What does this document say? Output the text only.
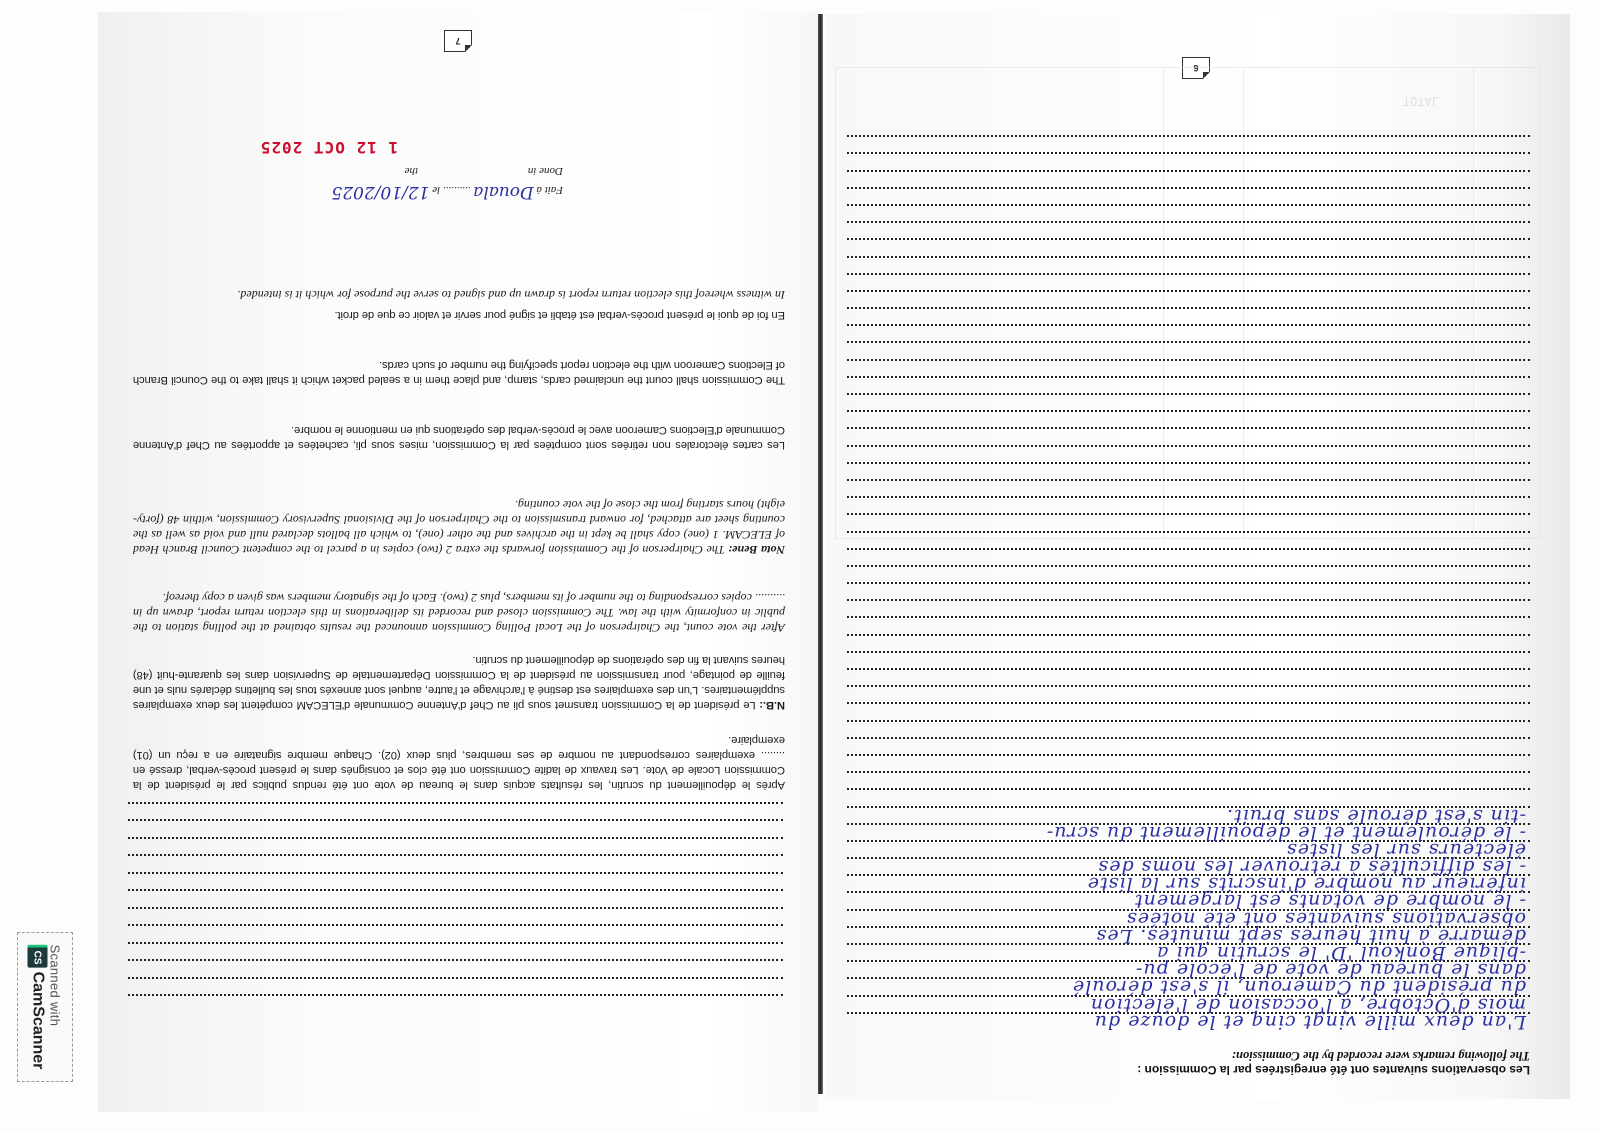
7
Après le dépouillement du scrutin, les résultats acquis dans le bureau de vote ont été rendus publics par le président de la Commission Locale de Vote. Les travaux de ladite Commission ont été clos et consignés dans le présent procès-verbal, dressé en ........ exemplaires correspondant au nombre de ses membres, plus deux (02). Chaque membre signataire en a reçu un (01) exemplaire.
N.B.: Le président de la Commission transmet sous pli au Chef d'Antenne Communale d'ELECAM compétent les deux exemplaires supplémentaires. L'un des exemplaires est destiné à l'archivage et l'autre, auquel sont annexés tous les bulletins déclarés nuls et une feuille de pointage, pour transmission au président de la Commission Départementale de Supervision dans les quarante-huit (48) heures suivant la fin des opérations de dépouillement du scrutin.
After the vote count, the Chairperson of the Local Polling Commission announced the results obtained at the polling station to the public in conformity with the law. The Commission closed and recorded its deliberations in this election return report, drawn up in .......... copies corresponding to the number of its members, plus 2 (two). Each of the signatory members was given a copy thereof.
Nota Bene: The Chairperson of the Commission forwards the extra 2 (two) copies in a parcel to the competent Council Branch Head of ELECAM. 1 (one) copy shall be kept in the archives and the other (one), to which all ballots declared null and void as well as the counting sheet are attached, for onward transmission to the Chairperson of the Divisional Supervisory Commission, within 48 (forty-eight) hours starting from the close of the vote counting.
Les cartes électorales non retirées sont comptées par la Commission, mises sous pli, cachetées et apportées au Chef d'Antenne Communale d'Elections Cameroon avec le procès-verbal des opérations qui en mentionne le nombre.
The Commission shall count the unclaimed cards, stamp, and place them in a sealed packet which it shall take to the Council Branch of Elections Cameroon with the election report specifying the number of such cards.
En foi de quoi le présent procès-verbal est établi et signé pour servir et valoir ce que de droit.
In witness whereof this election return report is drawn up and signed to serve the purpose for which it is intended.
Fait à Douala .......... le 12/10/2025
Done in
the
1 12 OCT 2025
6
TOTAL
Les observations suivantes ont été enregistrées par la Commission :
The following remarks were recorded by the Commission:
L'an deux mille vingt cinq et le douze du
mois d'Octobre, à l'occasion de l'élection
du président du Cameroun, il s'est déroulé
dans le bureau de vote de l'école pu-
-blique Bonkoul 'D' le scrutin qui a
démarré à huit heures sept minutes. Les
observations suivantes ont été notées
- le nombre de votants est largement
inférieur au nombre d'inscrits sur la liste
- les difficultés à retrouver les noms des
électeurs sur les listes
- le déroulement et le dépouillement du scru-
-tin s'est déroulé sans bruit.
Scanned with
CS
CamScanner
